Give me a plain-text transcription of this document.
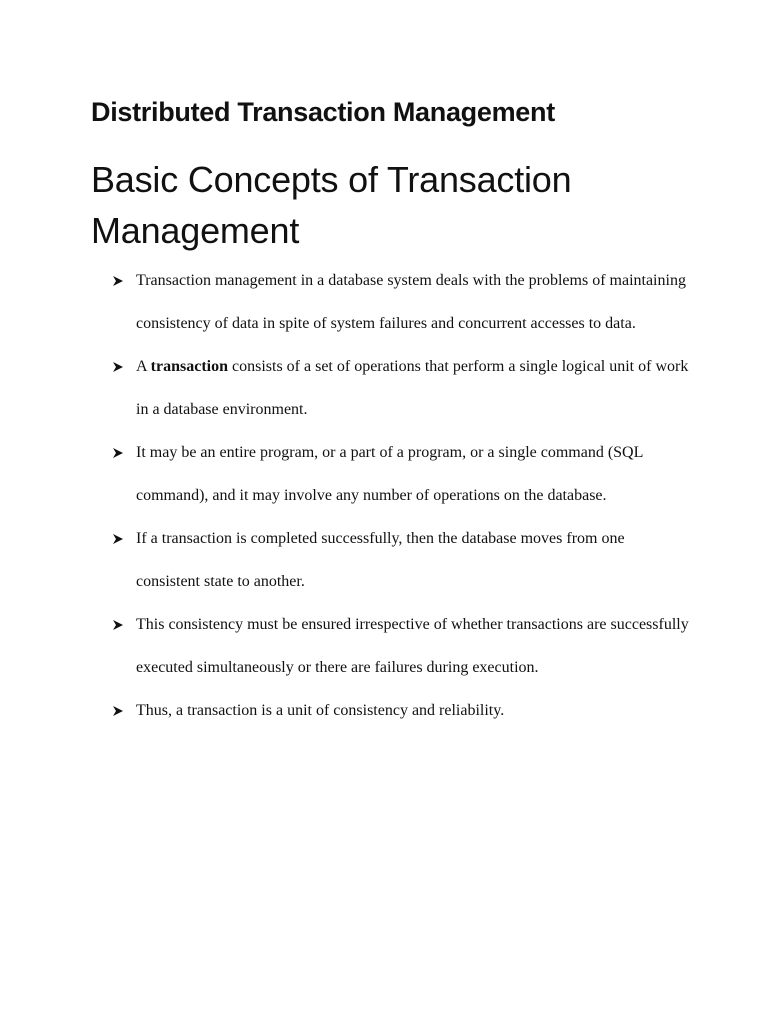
Distributed Transaction Management
Basic Concepts of Transaction Management
Transaction management in a database system deals with the problems of maintaining consistency of data in spite of system failures and concurrent accesses to data.
A transaction consists of a set of operations that perform a single logical unit of work in a database environment.
It may be an entire program, or a part of a program, or a single command (SQL command), and it may involve any number of operations on the database.
If a transaction is completed successfully, then the database moves from one consistent state to another.
This consistency must be ensured irrespective of whether transactions are successfully executed simultaneously or there are failures during execution.
Thus, a transaction is a unit of consistency and reliability.
